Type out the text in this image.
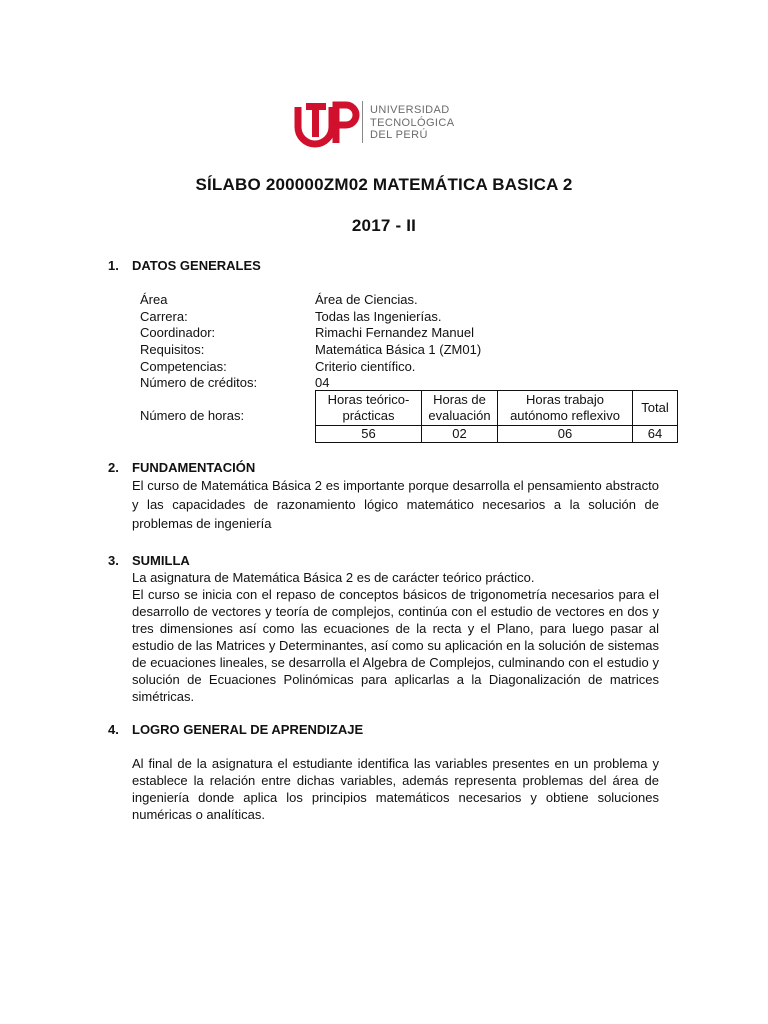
UNIVERSIDAD
TECNOLÓGICA
DEL PERÚ
SÍLABO 200000ZM02 MATEMÁTICA BASICA 2
2017 - II
1. DATOS GENERALES
Área	Área de Ciencias.
Carrera:	Todas las Ingenierías.
Coordinador:	Rimachi Fernandez Manuel
Requisitos:	Matemática Básica 1 (ZM01)
Competencias:	Criterio científico.
Número de créditos:	04
Número de horas:
Horas teórico-prácticas	Horas de evaluación	Horas trabajo autónomo reflexivo	Total
56	02	06	64
2. FUNDAMENTACIÓN
El curso de Matemática Básica 2 es importante porque desarrolla el pensamiento abstracto y las capacidades de razonamiento lógico matemático necesarios a la solución de problemas de ingeniería
3. SUMILLA

La asignatura de Matemática Básica 2 es de carácter teórico práctico.

El curso se inicia con el repaso de conceptos básicos de trigonometría necesarios para el desarrollo de vectores y teoría de complejos, continúa con el estudio de vectores en dos y tres dimensiones así como las ecuaciones de la recta y el Plano, para luego pasar al estudio de las Matrices y Determinantes, así como su aplicación en la solución de sistemas de ecuaciones lineales, se desarrolla el Algebra de Complejos, culminando con el estudio y solución de Ecuaciones Polinómicas para aplicarlas a la Diagonalización de matrices simétricas.

4. LOGRO GENERAL DE APRENDIZAJE
Al final de la asignatura el estudiante identifica las variables presentes en un problema y establece la relación entre dichas variables, además representa problemas del área de ingeniería donde aplica los principios matemáticos necesarios y obtiene soluciones numéricas o analíticas.
